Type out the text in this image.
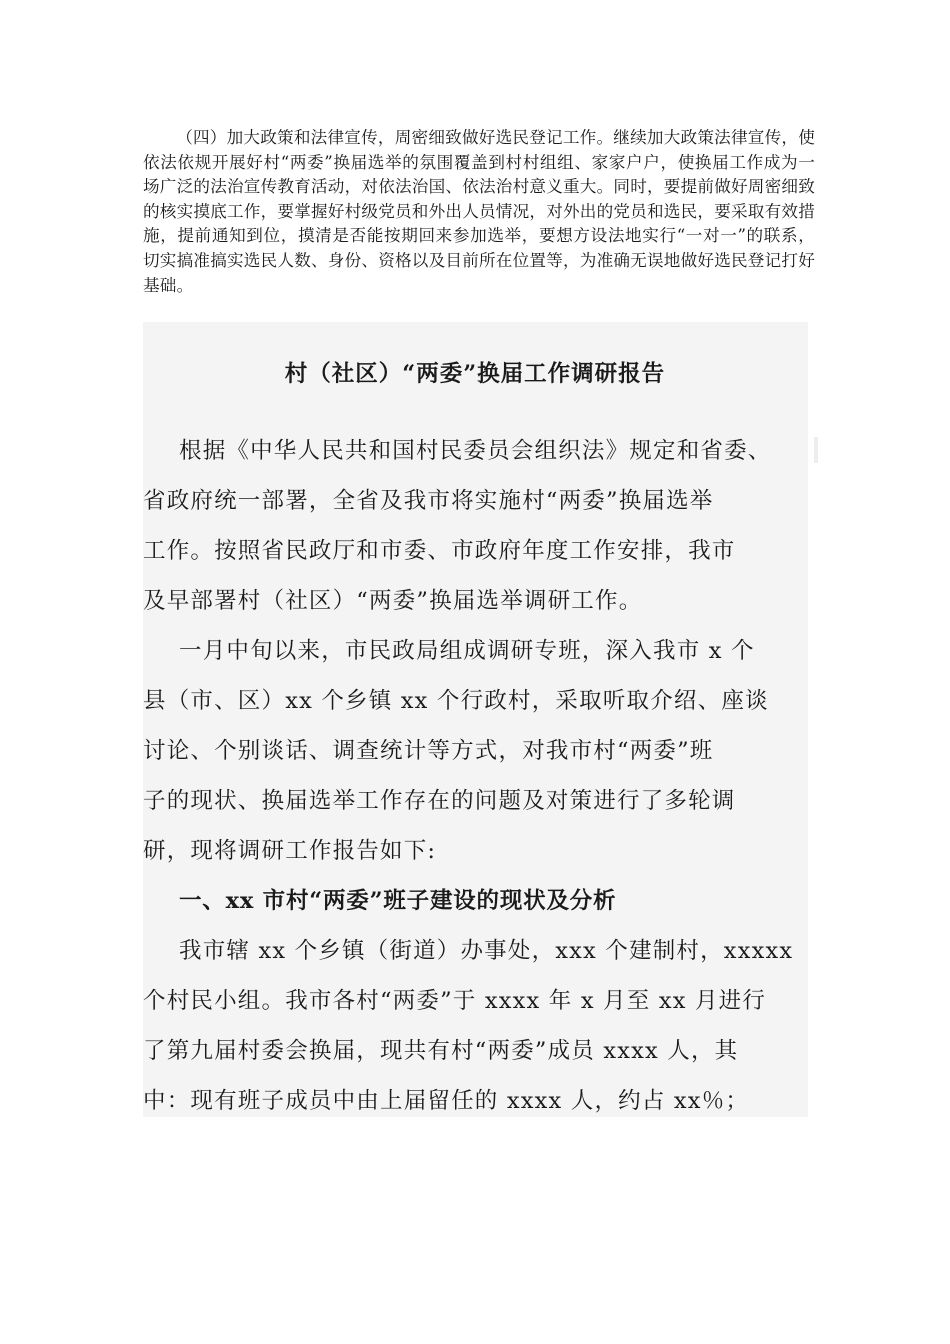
（四）加大政策和法律宣传，周密细致做好选民登记工作。继续加大政策法律宣传，使依法依规开展好村“两委”换届选举的氛围覆盖到村村组组、家家户户，使换届工作成为一场广泛的法治宣传教育活动，对依法治国、依法治村意义重大。同时，要提前做好周密细致的核实摸底工作，要掌握好村级党员和外出人员情况，对外出的党员和选民，要采取有效措施，提前通知到位，摸清是否能按期回来参加选举，要想方设法地实行“一对一”的联系，切实搞准搞实选民人数、身份、资格以及目前所在位置等，为准确无误地做好选民登记打好基础。

村（社区）“两委”换届工作调研报告
根据《中华人民共和国村民委员会组织法》规定和省委、
省政府统一部署，全省及我市将实施村“两委”换届选举
工作。按照省民政厅和市委、市政府年度工作安排，我市
及早部署村（社区）“两委”换届选举调研工作。
一月中旬以来，市民政局组成调研专班，深入我市 x 个
县（市、区）xx 个乡镇 xx 个行政村，采取听取介绍、座谈
讨论、个别谈话、调查统计等方式，对我市村“两委”班
子的现状、换届选举工作存在的问题及对策进行了多轮调
研，现将调研工作报告如下:
一、xx 市村“两委”班子建设的现状及分析
我市辖 xx 个乡镇（街道）办事处，xxx 个建制村，xxxxx
个村民小组。我市各村“两委”于 xxxx 年 x 月至 xx 月进行
了第九届村委会换届，现共有村“两委”成员 xxxx 人，其
中：现有班子成员中由上届留任的 xxxx 人，约占 xx％；
